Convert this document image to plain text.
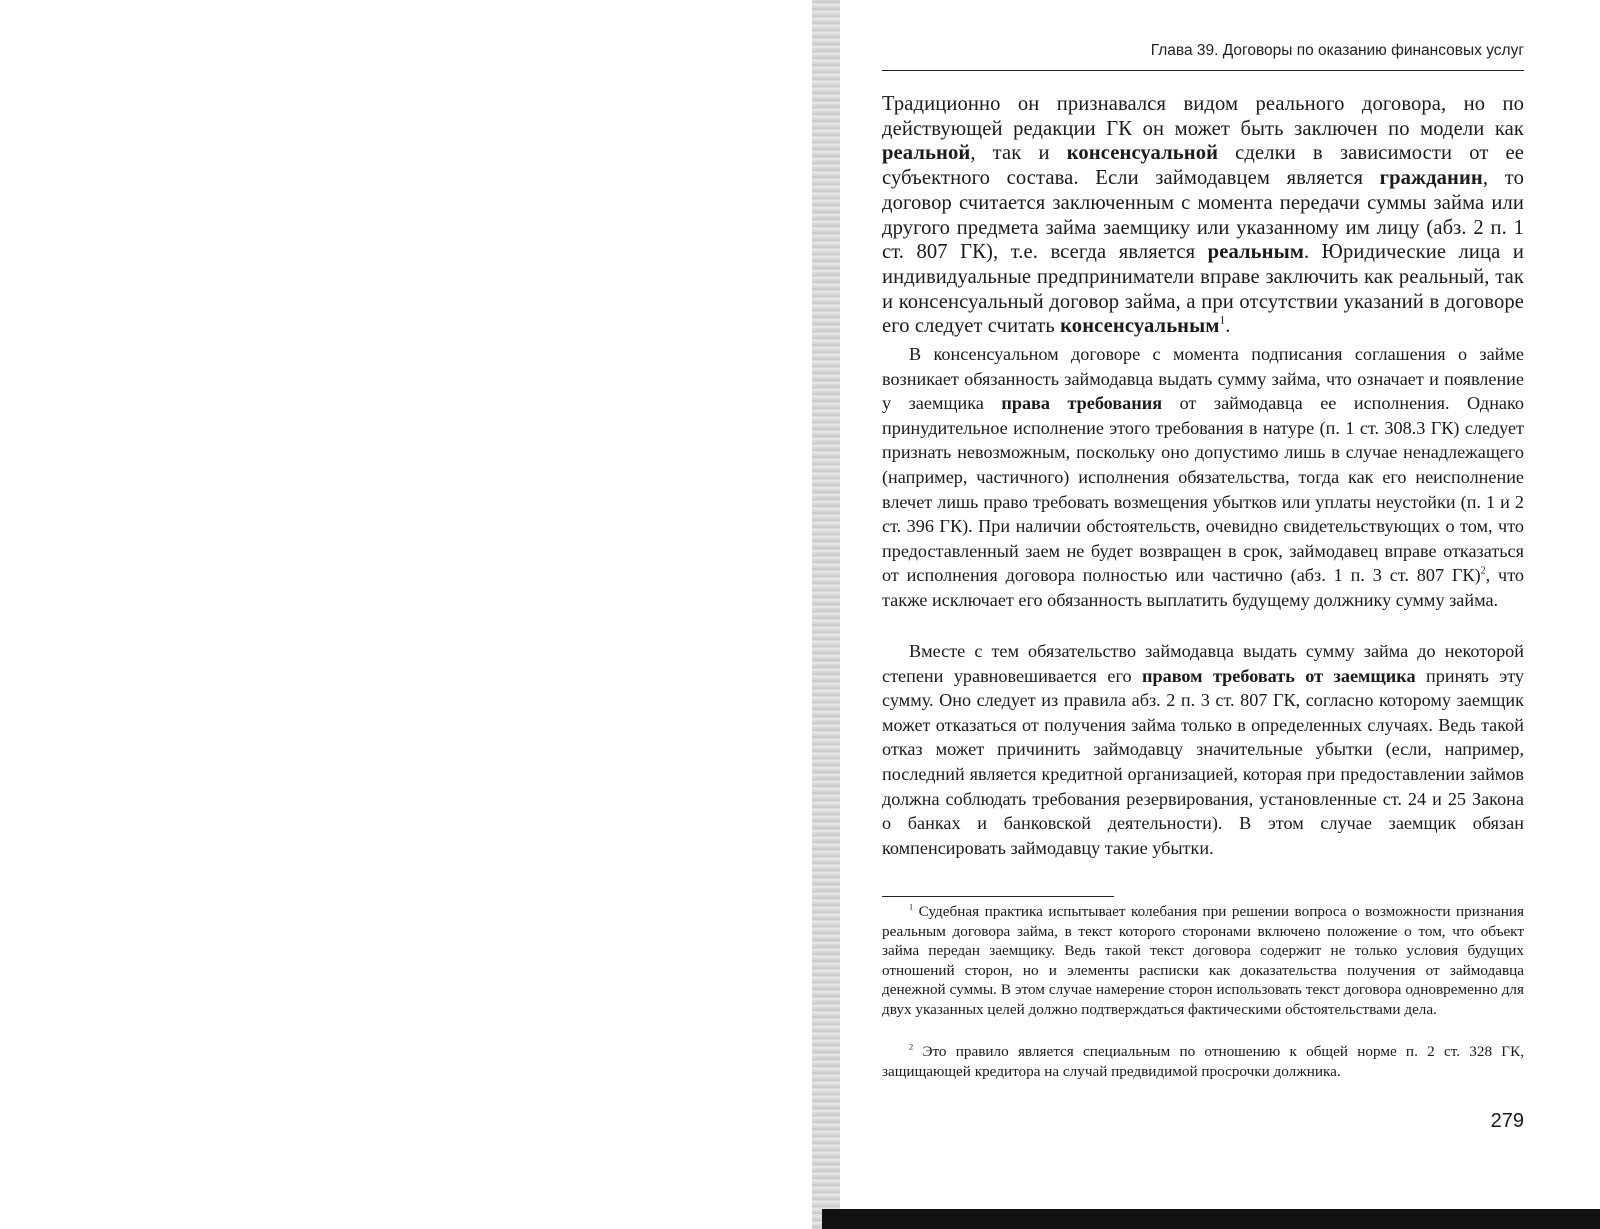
Глава 39. Договоры по оказанию финансовых услуг

Традиционно он признавался видом реального договора, но по действующей редакции ГК он может быть заключен по модели как реальной, так и консенсуальной сделки в зависимости от ее субъектного состава. Если займодавцем является гражданин, то договор считается заключенным с момента передачи суммы займа или другого предмета займа заемщику или указанному им лицу (абз. 2 п. 1 ст. 807 ГК), т.е. всегда является реальным. Юридические лица и индивидуальные предприниматели вправе заключить как реальный, так и консенсуальный договор займа, а при отсутствии указаний в договоре его следует считать консенсуальным$^1$.

В консенсуальном договоре с момента подписания соглашения о займе возникает обязанность займодавца выдать сумму займа, что означает и появление у заемщика права требования от займодавца ее исполнения. Однако принудительное исполнение этого требования в натуре (п. 1 ст. 308.3 ГК) следует признать невозможным, поскольку оно допустимо лишь в случае ненадлежащего (например, частичного) исполнения обязательства, тогда как его неисполнение влечет лишь право требовать возмещения убытков или уплаты неустойки (п. 1 и 2 ст. 396 ГК). При наличии обстоятельств, очевидно свидетельствующих о том, что предоставленный заем не будет возвращен в срок, займодавец вправе отказаться от исполнения договора полностью или частично (абз. 1 п. 3 ст. 807 ГК)$^2$, что также исключает его обязанность выплатить будущему должнику сумму займа.

Вместе с тем обязательство займодавца выдать сумму займа до некоторой степени уравновешивается его правом требовать от заемщика принять эту сумму. Оно следует из правила абз. 2 п. 3 ст. 807 ГК, согласно которому заемщик может отказаться от получения займа только в определенных случаях. Ведь такой отказ может причинить займодавцу значительные убытки (если, например, последний является кредитной организацией, которая при предоставлении займов должна соблюдать требования резервирования, установленные ст. 24 и 25 Закона о банках и банковской деятельности). В этом случае заемщик обязан компенсировать займодавцу такие убытки.

$^1$ Судебная практика испытывает колебания при решении вопроса о возможности признания реальным договора займа, в текст которого сторонами включено положение о том, что объект займа передан заемщику. Ведь такой текст договора содержит не только условия будущих отношений сторон, но и элементы расписки как доказательства получения от займодавца денежной суммы. В этом случае намерение сторон использовать текст договора одновременно для двух указанных целей должно подтверждаться фактическими обстоятельствами дела.

$^2$ Это правило является специальным по отношению к общей норме п. 2 ст. 328 ГК, защищающей кредитора на случай предвидимой просрочки должника.

279
